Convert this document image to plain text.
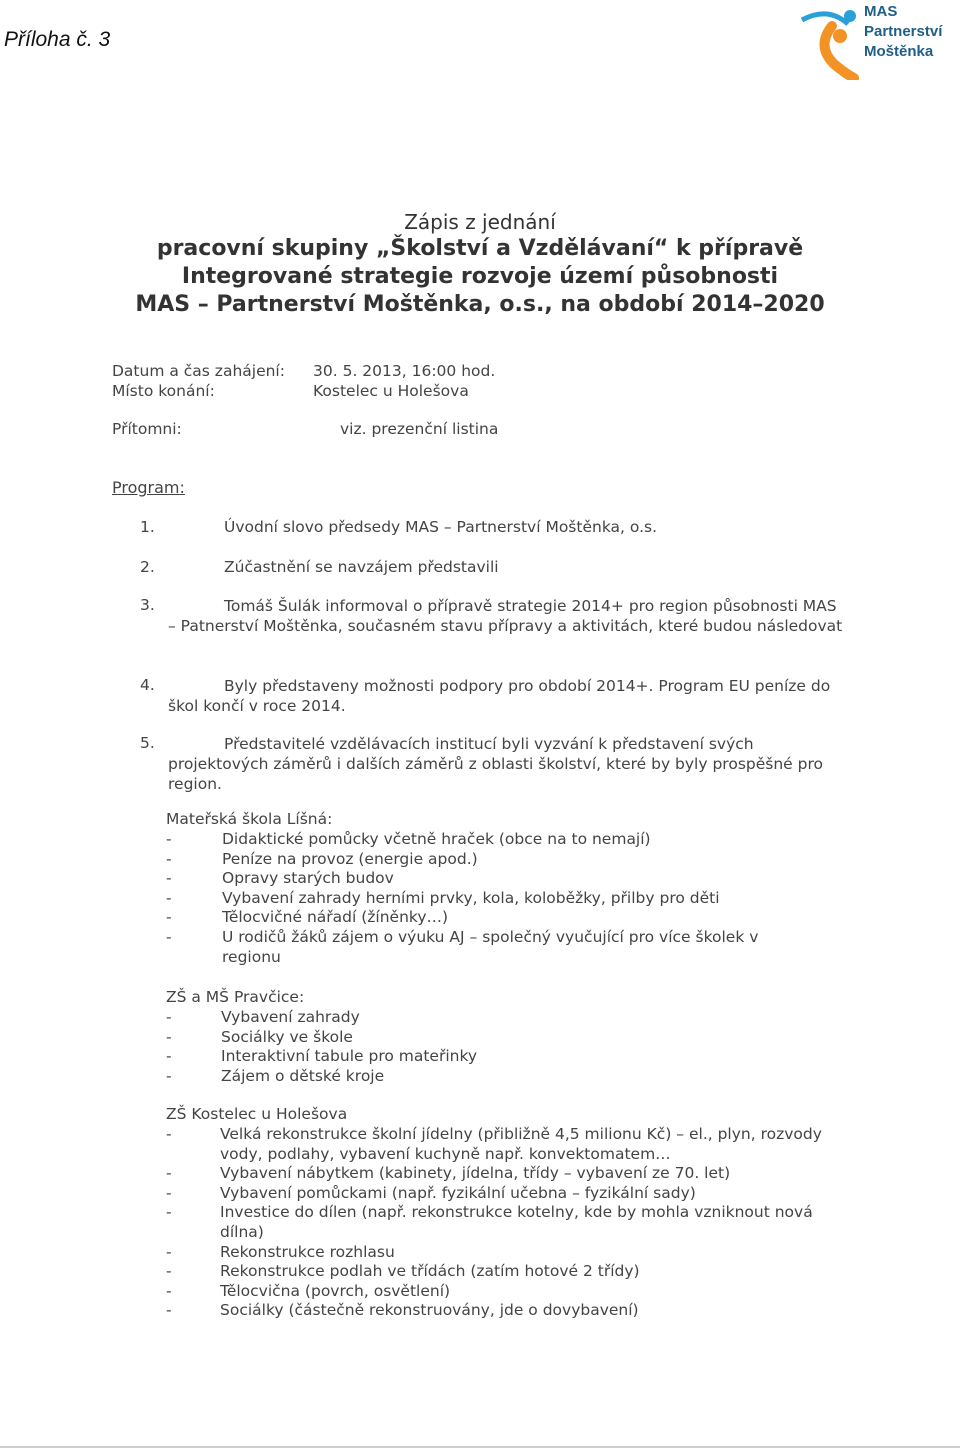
Příloha č. 3
MAS
Partnerství
Moštěnka
Zápis z jednání
pracovní skupiny „Školství a Vzdělávaní“ k přípravě
Integrované strategie rozvoje území působnosti
MAS – Partnerství Moštěnka, o.s., na období 2014–2020
Datum a čas zahájení: 30. 5. 2013, 16:00 hod.
Místo konání:	Kostelec u Holešova
Přítomni:	viz. prezenční listina
Program:
1.	Úvodní slovo předsedy MAS – Partnerství Moštěnka, o.s.
2.	Zúčastnění se navzájem představili
3.	Tomáš Šulák informoval o přípravě strategie 2014+ pro region působnosti MAS – Patnerství Moštěnka, současném stavu přípravy a aktivitách, které budou následovat
4.	Byly představeny možnosti podpory pro období 2014+. Program EU peníze do škol končí v roce 2014.
5.	Představitelé vzdělávacích institucí byli vyzvání k představení svých projektových záměrů i dalších záměrů z oblasti školství, které by byly prospěšné pro region.
Mateřská škola Líšná:
-	Didaktické pomůcky včetně hraček (obce na to nemají)
-	Peníze na provoz (energie apod.)
-	Opravy starých budov
-	Vybavení zahrady herními prvky, kola, koloběžky, přilby pro děti
-	Tělocvičné nářadí (žíněnky…)
-	U rodičů žáků zájem o výuku AJ – společný vyučující pro více školek v regionu
ZŠ a MŠ Pravčice:
-	Vybavení zahrady
-	Sociálky ve škole
-	Interaktivní tabule pro mateřinky
-	Zájem o dětské kroje
ZŠ Kostelec u Holešova
-	Velká rekonstrukce školní jídelny (přibližně 4,5 milionu Kč) – el., plyn, rozvody vody, podlahy, vybavení kuchyně např. konvektomatem…
-	Vybavení nábytkem (kabinety, jídelna, třídy – vybavení ze 70. let)
-	Vybavení pomůckami (např. fyzikální učebna – fyzikální sady)
-	Investice do dílen (např. rekonstrukce kotelny, kde by mohla vzniknout nová dílna)
-	Rekonstrukce rozhlasu
-	Rekonstrukce podlah ve třídách (zatím hotové 2 třídy)
-	Tělocvična (povrch, osvětlení)
-	Sociálky (částečně rekonstruovány, jde o dovybavení)
